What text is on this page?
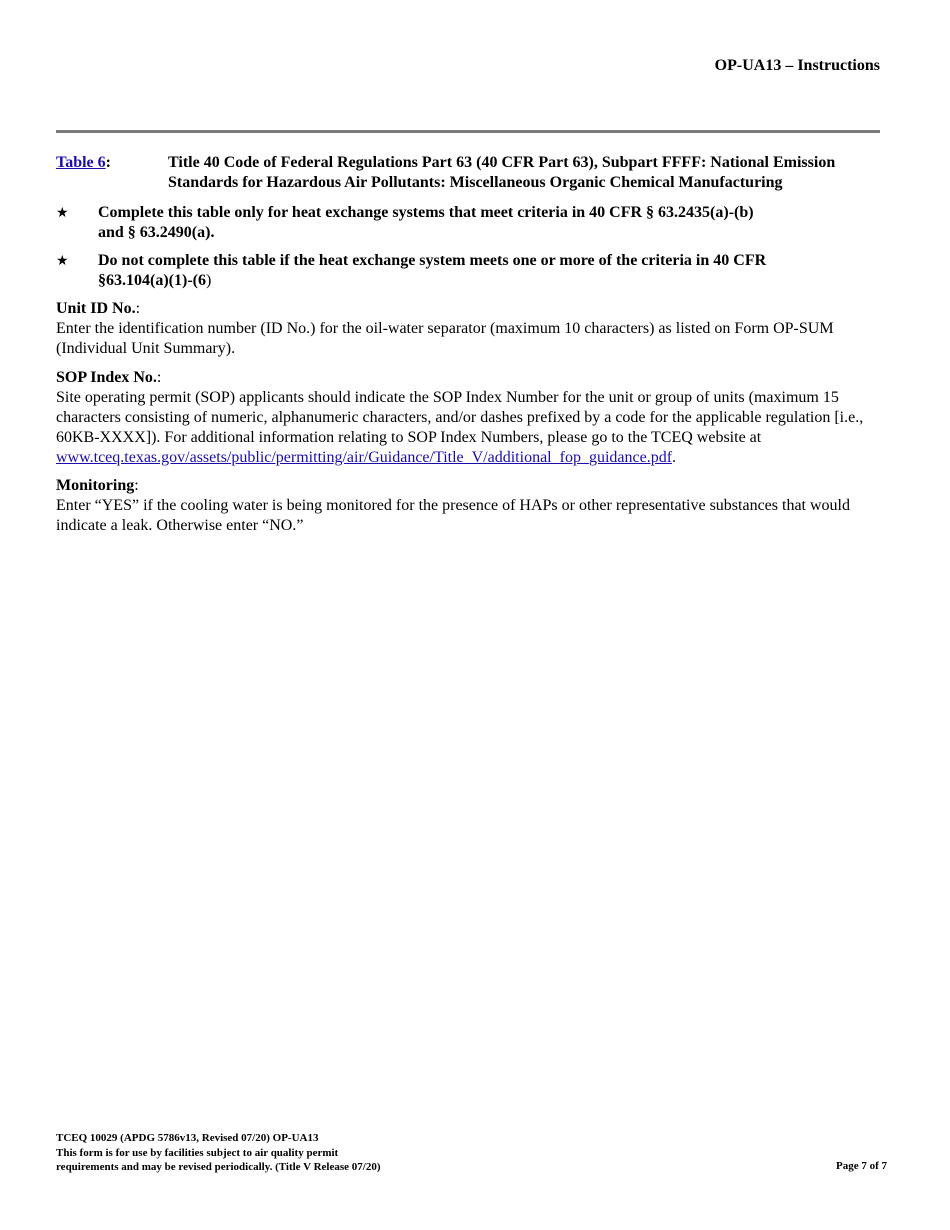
OP-UA13 – Instructions
Table 6:	Title 40 Code of Federal Regulations Part 63 (40 CFR Part 63), Subpart FFFF: National Emission
Standards for Hazardous Air Pollutants: Miscellaneous Organic Chemical Manufacturing
★ Complete this table only for heat exchange systems that meet criteria in 40 CFR § 63.2435(a)-(b)
and § 63.2490(a).
★ Do not complete this table if the heat exchange system meets one or more of the criteria in 40 CFR
§63.104(a)(1)-(6)
Unit ID No.:
Enter the identification number (ID No.) for the oil-water separator (maximum 10 characters) as listed on Form OP-SUM (Individual Unit Summary).
SOP Index No.:
Site operating permit (SOP) applicants should indicate the SOP Index Number for the unit or group of units (maximum 15 characters consisting of numeric, alphanumeric characters, and/or dashes prefixed by a code for the applicable regulation [i.e., 60KB-XXXX]). For additional information relating to SOP Index Numbers, please go to the TCEQ website at www.tceq.texas.gov/assets/public/permitting/air/Guidance/Title_V/additional_fop_guidance.pdf.
Monitoring:
Enter “YES” if the cooling water is being monitored for the presence of HAPs or other representative substances that would indicate a leak. Otherwise enter “NO.”
TCEQ 10029 (APDG 5786v13, Revised 07/20) OP-UA13
This form is for use by facilities subject to air quality permit
requirements and may be revised periodically. (Title V Release 07/20)	Page 7 of 7
